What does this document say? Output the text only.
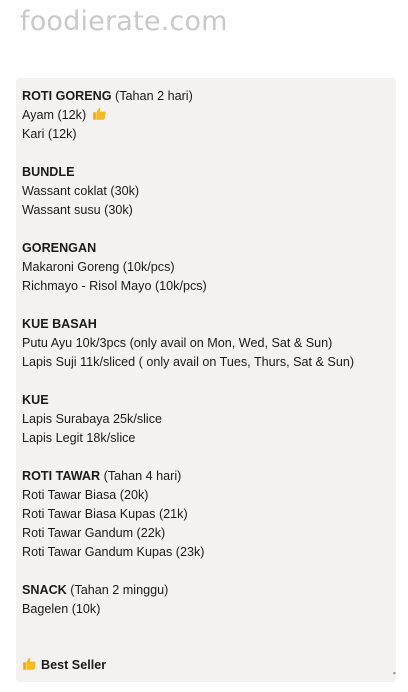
foodierate.com
ROTI GORENG (Tahan 2 hari)
Ayam (12k)
Kari (12k)
BUNDLE
Wassant coklat (30k)
Wassant susu (30k)
GORENGAN
Makaroni Goreng (10k/pcs)
Richmayo - Risol Mayo (10k/pcs)
KUE BASAH
Putu Ayu 10k/3pcs (only avail on Mon, Wed, Sat & Sun)
Lapis Suji 11k/sliced ( only avail on Tues, Thurs, Sat & Sun)
KUE
Lapis Surabaya 25k/slice
Lapis Legit 18k/slice
ROTI TAWAR (Tahan 4 hari)
Roti Tawar Biasa (20k)
Roti Tawar Biasa Kupas (21k)
Roti Tawar Gandum (22k)
Roti Tawar Gandum Kupas (23k)
SNACK (Tahan 2 minggu)
Bagelen (10k)
Best Seller
▪
